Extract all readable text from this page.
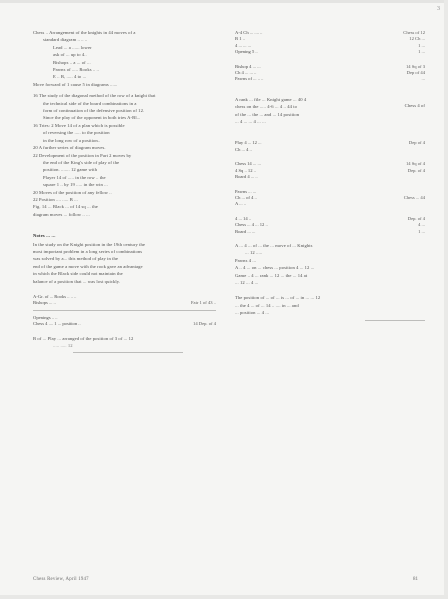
3
Chess .. Arrangement of the knights in 44 moves of a
standard diagram .. .. ..
Lead ... a ...... lower
ask of ... up to 4..
Bishops .. a ... of ...
Pawns of ..... Rooks .. ..
E .. B, ..... 4 to ...
Move forward of 1 cause 5 in diagrams ......
16 The study of the diagonal method of the row of a knight that
the technical side of the board combinations in a
form of continuation of the defensive position of 12.
Since the play of the opponent in both tries A-Bl...
16 Tries: 2 Move 14 of a plan which is possible
of reversing the ..... to the position
in the long row of a position..
20 A further series of diagram moves.
22 Development of the position in Part 2 moves by
the end of the King's side of play of the
position. ....... 12 game with
Player 14 of ..... in the row .. the
square 1 .. by 19 ..... in the win ...
20 Moves of the position of any fellow ..
22 Position .... ..... B ...
Fig. 14 ... Black ... of 14 sq ... the
diagram moves ... follow .. ...
Notes ... ...
In the study on the Knight position in the 19th century the
most important problem in a long series of combinations
was solved by a... this method of play in the
end of the game a move with the rook gave an advantage
in which the Black side could not maintain the
balance of a position that ... was lost quickly.
A-Gr. of ... Rooks .. .. ..
Bishops ... ..	Fair 1 of 43 ..
Openings .. ..
Chess 4 .... 1 ... position ..	14 Dep. of 4
B of ... Play ... arranged of the position of 3 of ... 12
..... ..... 12
A-4 Ch ... .... ..	Chess of 12
B 1 ..	12 Ch ...
4 ... ... ...	1 ...
Opening 5 ..	1 ...
Bishop 4 ... ...	14 Sq of 3
Ch 4 ... ... ..	Dep of 44
Pawns of ... .. ..	...
A rank ... file ... Knight game ... 40 4
chess on the ..... 4-6 ... 4 .. 44 to
of the ... the ... and ... 14 position
... 4 ... ... 4 ... ...
Chess 4 of
Play 4 ... 12 ...	Dep of 4
Ch ... 4 ..
Chess 14 ... ...	14 Sq of 4
4 Sq .. 12 ..	Dep. of 4
Board 4 ... ..
Pawns ... ...
Ch ... of 4 ..	Chess ... 44
A ... ..
4 ... 14 ..	Dep. of 4
Chess ... 4 ... 12 ..	4 ...
Board ... ...	1 ...
A ... 4 ... of ... the ... move of ... Knights
... 12 .....
Pawns 4 ...
A .. 4 ... on ... chess ... position 4 ... 12 ...
Game .. 4 ... rank ... 12 ... the ... 14 at
... 12 ... 4 ...
The position of ... of ... is ... of ... in ... ... 12
... the 4 ... of ... 14 .. .... in ... and
... position ... 4 ...
Chess Review, April 1947	81
